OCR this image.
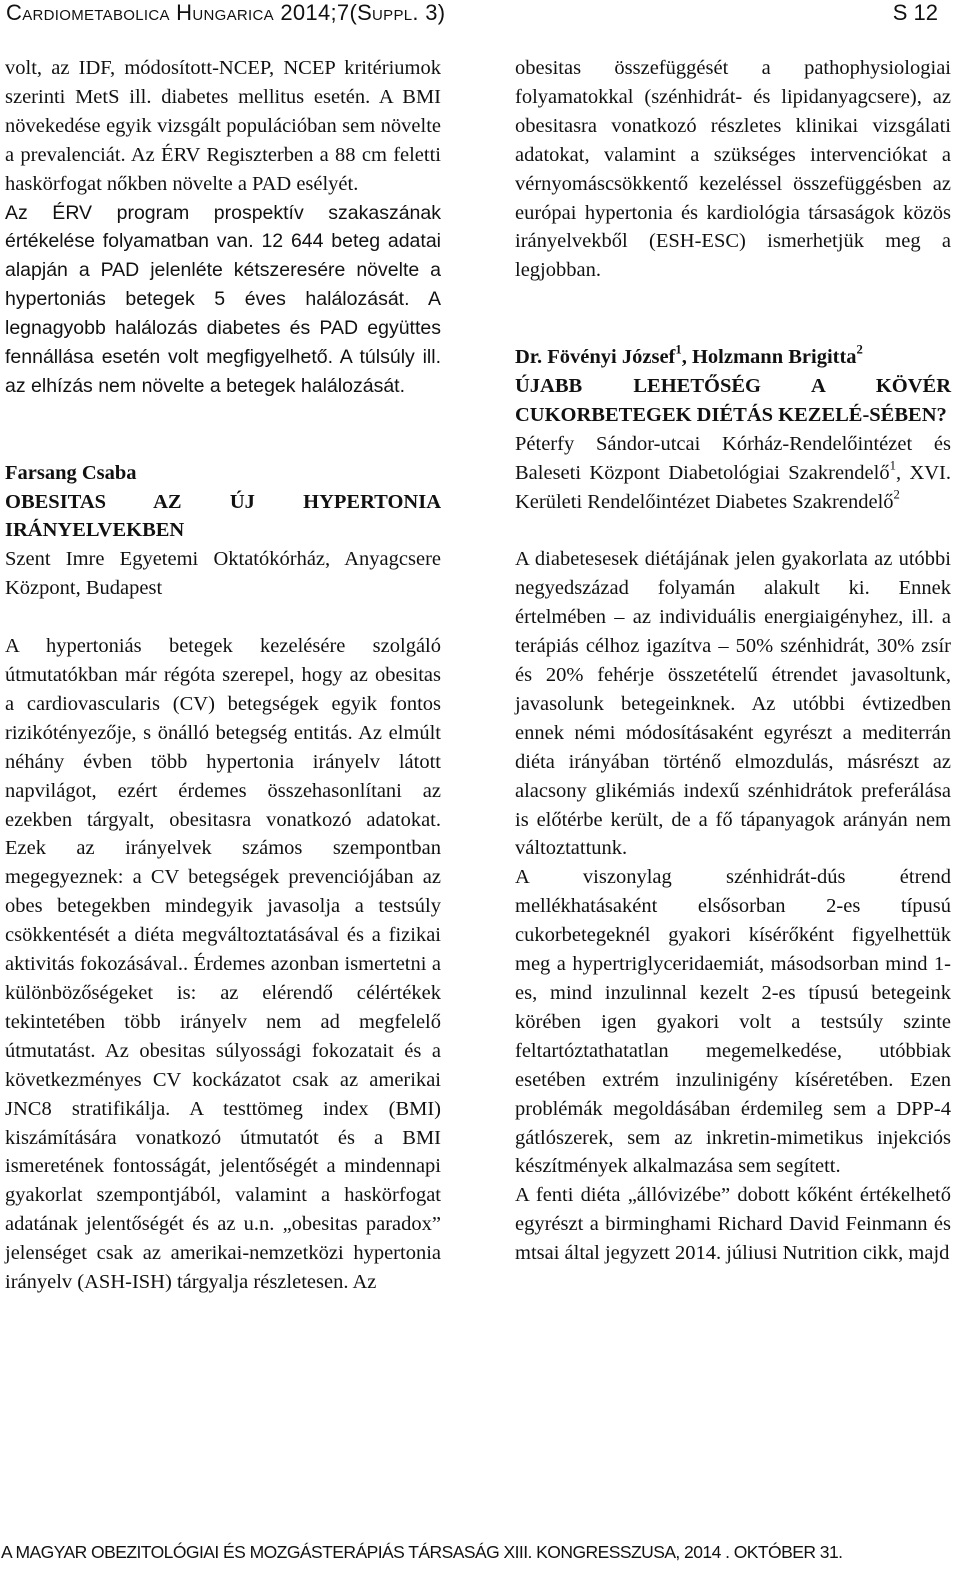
Cardiometabolica Hungarica 2014;7(Suppl. 3)	S 12
volt, az IDF, módosított-NCEP, NCEP kritériumok szerinti MetS ill. diabetes mellitus esetén. A BMI növekedése egyik vizsgált populációban sem növelte a prevalenciát. Az ÉRV Regiszterben a 88 cm feletti haskörfogat nőkben növelte a PAD esélyét.
Az ÉRV program prospektív szakaszának értékelése folyamatban van. 12 644 beteg adatai alapján a PAD jelenléte kétszeresére növelte a hypertoniás betegek 5 éves halálozását. A legnagyobb halálozás diabetes és PAD együttes fennállása esetén volt megfigyelhető. A túlsúly ill. az elhízás nem növelte a betegek halálozását.
Farsang Csaba
OBESITAS AZ ÚJ HYPERTONIA IRÁNYELVEKBEN
Szent Imre Egyetemi Oktatókórház, Anyagcsere Központ, Budapest
A hypertoniás betegek kezelésére szolgáló útmutatókban már régóta szerepel, hogy az obesitas a cardiovascularis (CV) betegségek egyik fontos rizikótényezője, s önálló betegség entitás. Az elmúlt néhány évben több hypertonia irányelv látott napvilágot, ezért érdemes összehasonlítani az ezekben tárgyalt, obesitasra vonatkozó adatokat. Ezek az irányelvek számos szempontban megegyeznek: a CV betegségek prevenciójában az obes betegekben mindegyik javasolja a testsúly csökkentését a diéta megváltoztatásával és a fizikai aktivitás fokozásával.. Érdemes azonban ismertetni a különbözőségeket is: az elérendő célértékek tekintetében több irányelv nem ad megfelelő útmutatást. Az obesitas súlyossági fokozatait és a következményes CV kockázatot csak az amerikai JNC8 stratifikálja. A testtömeg index (BMI) kiszámítására vonatkozó útmutatót és a BMI ismeretének fontosságát, jelentőségét a mindennapi gyakorlat szempontjából, valamint a haskörfogat adatának jelentőségét és az u.n. „obesitas paradox” jelenséget csak az amerikai-nemzetközi hypertonia irányelv (ASH-ISH) tárgyalja részletesen. Az
obesitas összefüggését a pathophysiologiai folyamatokkal (szénhidrát- és lipidanyagcsere), az obesitasra vonatkozó részletes klinikai vizsgálati adatokat, valamint a szükséges intervenciókat a vérnyomáscsökkentő kezeléssel összefüggésben az európai hypertonia és kardiológia társaságok közös irányelvekből (ESH-ESC) ismerhetjük meg a legjobban.
Dr. Fövényi József$^1$, Holzmann Brigitta$^2$
ÚJABB LEHETŐSÉG A KÖVÉR CUKORBETEGEK DIÉTÁS KEZELÉ-SÉBEN?
Péterfy Sándor-utcai Kórház-Rendelőintézet és Baleseti Központ Diabetológiai Szakrendelő$^1$, XVI. Kerületi Rendelőintézet Diabetes Szakrendelő$^2$
A diabetesesek diétájának jelen gyakorlata az utóbbi negyedszázad folyamán alakult ki. Ennek értelmében – az individuális energiaigényhez, ill. a terápiás célhoz igazítva – 50% szénhidrát, 30% zsír és 20% fehérje összetételű étrendet javasoltunk, javasolunk betegeinknek. Az utóbbi évtizedben ennek némi módosításaként egyrészt a mediterrán diéta irányában történő elmozdulás, másrészt az alacsony glikémiás indexű szénhidrátok preferálása is előtérbe került, de a fő tápanyagok arányán nem változtattunk.
A viszonylag szénhidrát-dús étrend mellékhatásaként elsősorban 2-es típusú cukorbetegeknél gyakori kísérőként figyelhettük meg a hypertriglyceridaemiát, másodsorban mind 1-es, mind inzulinnal kezelt 2-es típusú betegeink körében igen gyakori volt a testsúly szinte feltartóztathatatlan megemelkedése, utóbbiak esetében extrém inzulinigény kíséretében. Ezen problémák megoldásában érdemileg sem a DPP-4 gátlószerek, sem az inkretin-mimetikus injekciós készítmények alkalmazása sem segített.
A fenti diéta „állóvizébe” dobott kőként értékelhető egyrészt a birminghami Richard David Feinmann és mtsai által jegyzett 2014. júliusi Nutrition cikk, majd
A MAGYAR OBEZITOLÓGIAI ÉS MOZGÁSTERÁPIÁS TÁRSASÁG XIII. KONGRESSZUSA, 2014 . OKTÓBER 31.
